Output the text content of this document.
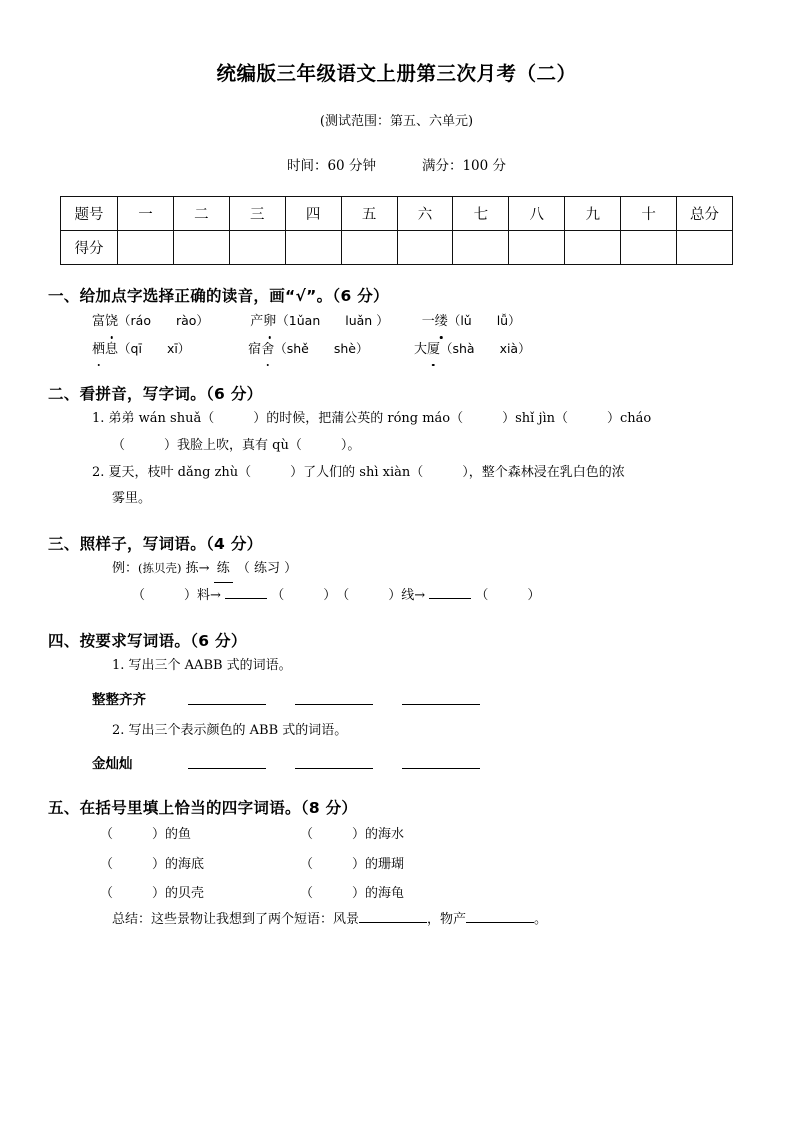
统编版三年级语文上册第三次月考（二）

(测试范围：第五、六单元)

时间：60 分钟	满分：100 分

题号	一	二	三	四	五	六	七	八	九	十	总分
得分											
一、给加点字选择正确的读音，画“√”。（6 分）
富饶（ráo　　rào）	产卵（1ǔan　　luǎn ）	一缕（lǔ　　lǚ）
栖息（qī　　xī）	宿舍（shě　　shè）	大厦（shà　　xià）
二、看拼音，写字词。（6 分）
1. 弟弟 wán shuǎ（　　　）的时候，把蒲公英的 róng máo（　　　）shǐ jìn（　　　）cháo
（　　　）我脸上吹，真有 qù（　　　）。
2. 夏天，枝叶 dǎng zhù（　　　）了人们的 shì xiàn（　　　），整个森林浸在乳白色的浓
雾里。
三、照样子，写词语。（4 分）
例：(拣贝壳) 拣→ 练 （ 练习 ）
（　　　）料→	（　　　）　 （　　　）线→	（　　　）
四、按要求写词语。（6 分）
1. 写出三个 AABB 式的词语。
整整齐齐
2. 写出三个表示颜色的 ABB 式的词语。
金灿灿
五、在括号里填上恰当的四字词语。（8 分）
（　　　）的鱼	（　　　）的海水
（　　　）的海底	（　　　）的珊瑚
（　　　）的贝壳	（　　　）的海龟
总结：这些景物让我想到了两个短语：风景	，物产	。
